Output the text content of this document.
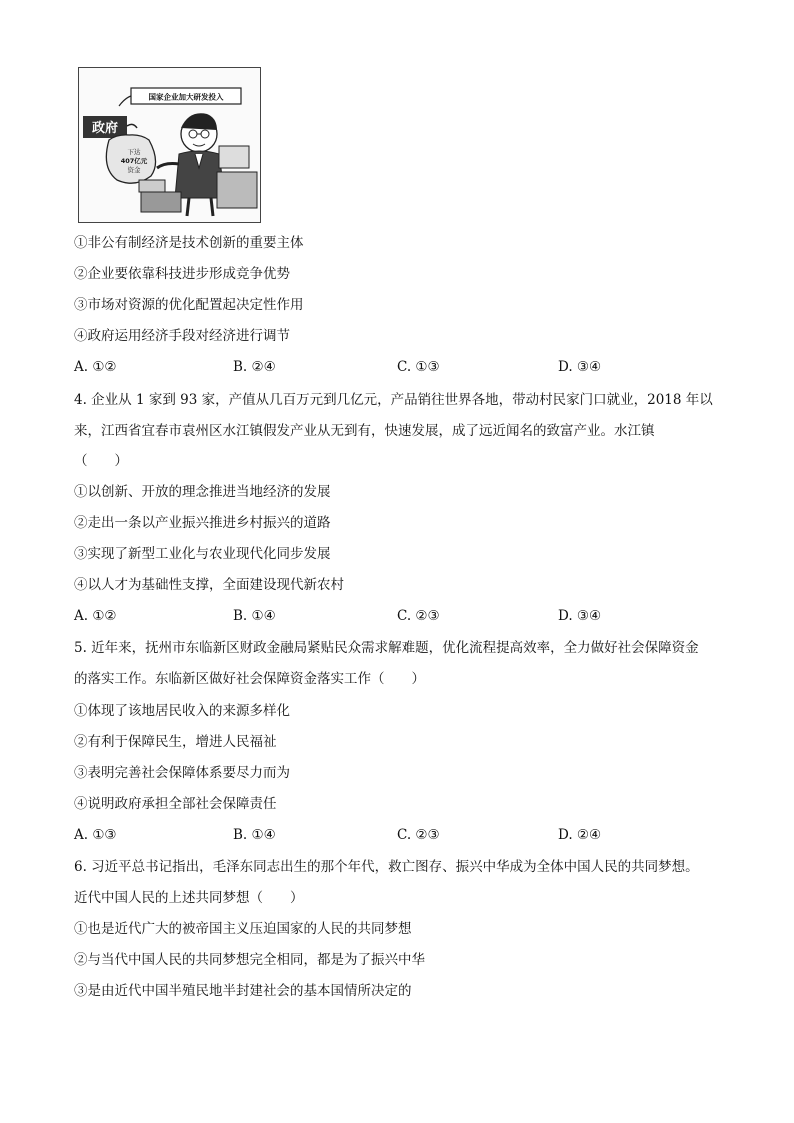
国家企业加大研发投入
政府
下达
407亿元
资金
①非公有制经济是技术创新的重要主体
②企业要依靠科技进步形成竞争优势
③市场对资源的优化配置起决定性作用
④政府运用经济手段对经济进行调节
A. ①②	B. ②④	C. ①③	D. ③④
4. 企业从 1 家到 93 家，产值从几百万元到几亿元，产品销往世界各地，带动村民家门口就业，2018 年以
来，江西省宜春市袁州区水江镇假发产业从无到有，快速发展，成了远近闻名的致富产业。水江镇
（　　）
①以创新、开放的理念推进当地经济的发展
②走出一条以产业振兴推进乡村振兴的道路
③实现了新型工业化与农业现代化同步发展
④以人才为基础性支撑，全面建设现代新农村
A. ①②	B. ①④	C. ②③	D. ③④
5. 近年来，抚州市东临新区财政金融局紧贴民众需求解难题，优化流程提高效率，全力做好社会保障资金
的落实工作。东临新区做好社会保障资金落实工作（　　）
①体现了该地居民收入的来源多样化
②有利于保障民生，增进人民福祉
③表明完善社会保障体系要尽力而为
④说明政府承担全部社会保障责任
A. ①③	B. ①④	C. ②③	D. ②④
6. 习近平总书记指出，毛泽东同志出生的那个年代，救亡图存、振兴中华成为全体中国人民的共同梦想。
近代中国人民的上述共同梦想（　　）
①也是近代广大的被帝国主义压迫国家的人民的共同梦想
②与当代中国人民的共同梦想完全相同，都是为了振兴中华
③是由近代中国半殖民地半封建社会的基本国情所决定的
